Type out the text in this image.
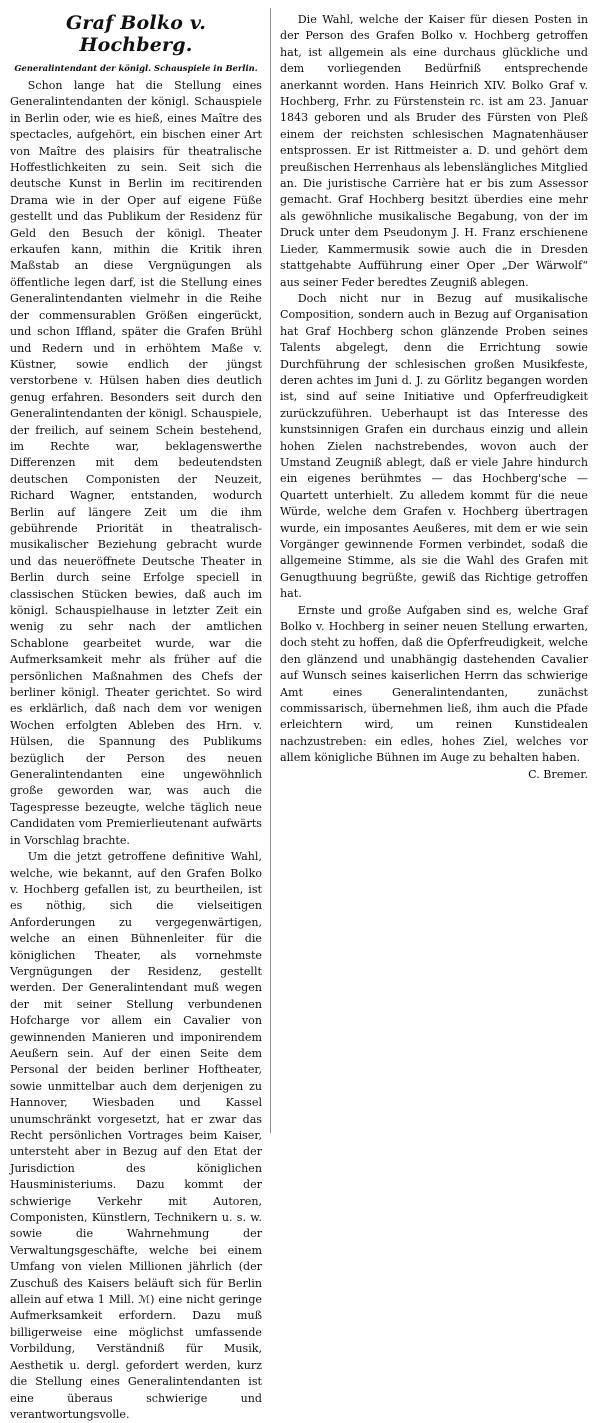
Graf Bolko v. Hochberg.
Generalintendant der königl. Schauspiele in Berlin.

Schon lange hat die Stellung eines Generalintendanten der königl. Schauspiele in Berlin oder, wie es hieß, eines Maître des spectacles, aufgehört, ein bischen einer Art von Maître des plaisirs für theatralische Hoffestlichkeiten zu sein. Seit sich die deutsche Kunst in Berlin im recitirenden Drama wie in der Oper auf eigene Füße gestellt und das Publikum der Residenz für Geld den Besuch der königl. Theater erkaufen kann, mithin die Kritik ihren Maßstab an diese Vergnügungen als öffentliche legen darf, ist die Stellung eines Generalintendanten vielmehr in die Reihe der commensurablen Größen eingerückt, und schon Iffland, später die Grafen Brühl und Redern und in erhöhtem Maße v. Küstner, sowie endlich der jüngst verstorbene v. Hülsen haben dies deutlich genug erfahren. Besonders seit durch den Generalintendanten der königl. Schauspiele, der freilich, auf seinem Schein bestehend, im Rechte war, beklagenswerthe Differenzen mit dem bedeutendsten deutschen Componisten der Neuzeit, Richard Wagner, entstanden, wodurch Berlin auf längere Zeit um die ihm gebührende Priorität in theatralisch-musikalischer Beziehung gebracht wurde und das neueröffnete Deutsche Theater in Berlin durch seine Erfolge speciell in classischen Stücken bewies, daß auch im königl. Schauspielhause in letzter Zeit ein wenig zu sehr nach der amtlichen Schablone gearbeitet wurde, war die Aufmerksamkeit mehr als früher auf die persönlichen Maßnahmen des Chefs der berliner königl. Theater gerichtet. So wird es erklärlich, daß nach dem vor wenigen Wochen erfolgten Ableben des Hrn. v. Hülsen, die Spannung des Publikums bezüglich der Person des neuen Generalintendanten eine ungewöhnlich große geworden war, was auch die Tagespresse bezeugte, welche täglich neue Candidaten vom Premierlieutenant aufwärts in Vorschlag brachte.

Um die jetzt getroffene definitive Wahl, welche, wie bekannt, auf den Grafen Bolko v. Hochberg gefallen ist, zu beurtheilen, ist es nöthig, sich die vielseitigen Anforderungen zu vergegenwärtigen, welche an einen Bühnenleiter für die königlichen Theater, als vornehmste Vergnügungen der Residenz, gestellt werden. Der Generalintendant muß wegen der mit seiner Stellung verbundenen Hofcharge vor allem ein Cavalier von gewinnenden Manieren und imponirendem Aeußern sein. Auf der einen Seite dem Personal der beiden berliner Hoftheater, sowie unmittelbar auch dem derjenigen zu Hannover, Wiesbaden und Kassel unumschränkt vorgesetzt, hat er zwar das Recht persönlichen Vortrages beim Kaiser, untersteht aber in Bezug auf den Etat der Jurisdiction des königlichen Hausministeriums. Dazu kommt der schwierige Verkehr mit Autoren, Componisten, Künstlern, Technikern u. s. w. sowie die Wahrnehmung der Verwaltungsgeschäfte, welche bei einem Umfang von vielen Millionen jährlich (der Zuschuß des Kaisers beläuft sich für Berlin allein auf etwa 1 Mill. ℳ) eine nicht geringe Aufmerksamkeit erfordern. Dazu muß billigerweise eine möglichst umfassende Vorbildung, Verständniß für Musik, Aesthetik u. dergl. gefordert werden, kurz die Stellung eines Generalintendanten ist eine überaus schwierige und verantwortungsvolle.

Die Wahl, welche der Kaiser für diesen Posten in der Person des Grafen Bolko v. Hochberg getroffen hat, ist allgemein als eine durchaus glückliche und dem vorliegenden Bedürfniß entsprechende anerkannt worden. Hans Heinrich XIV. Bolko Graf v. Hochberg, Frhr. zu Fürstenstein rc. ist am 23. Januar 1843 geboren und als Bruder des Fürsten von Pleß einem der reichsten schlesischen Magnatenhäuser entsprossen. Er ist Rittmeister a. D. und gehört dem preußischen Herrenhaus als lebenslängliches Mitglied an. Die juristische Carrière hat er bis zum Assessor gemacht. Graf Hochberg besitzt überdies eine mehr als gewöhnliche musikalische Begabung, von der im Druck unter dem Pseudonym J. H. Franz erschienene Lieder, Kammermusik sowie auch die in Dresden stattgehabte Aufführung einer Oper „Der Wärwolf“ aus seiner Feder beredtes Zeugniß ablegen.

Doch nicht nur in Bezug auf musikalische Composition, sondern auch in Bezug auf Organisation hat Graf Hochberg schon glänzende Proben seines Talents abgelegt, denn die Errichtung sowie Durchführung der schlesischen großen Musikfeste, deren achtes im Juni d. J. zu Görlitz begangen worden ist, sind auf seine Initiative und Opferfreudigkeit zurückzuführen. Ueberhaupt ist das Interesse des kunstsinnigen Grafen ein durchaus einzig und allein hohen Zielen nachstrebendes, wovon auch der Umstand Zeugniß ablegt, daß er viele Jahre hindurch ein eigenes berühmtes — das Hochberg'sche — Quartett unterhielt. Zu alledem kommt für die neue Würde, welche dem Grafen v. Hochberg übertragen wurde, ein imposantes Aeußeres, mit dem er wie sein Vorgänger gewinnende Formen verbindet, sodaß die allgemeine Stimme, als sie die Wahl des Grafen mit Genugthuung begrüßte, gewiß das Richtige getroffen hat.

Ernste und große Aufgaben sind es, welche Graf Bolko v. Hochberg in seiner neuen Stellung erwarten, doch steht zu hoffen, daß die Opferfreudigkeit, welche den glänzend und unabhängig dastehenden Cavalier auf Wunsch seines kaiserlichen Herrn das schwierige Amt eines Generalintendanten, zunächst commissarisch, übernehmen ließ, ihm auch die Pfade erleichtern wird, um reinen Kunstidealen nachzustreben: ein edles, hohes Ziel, welches vor allem königliche Bühnen im Auge zu behalten haben.

C. Bremer.
